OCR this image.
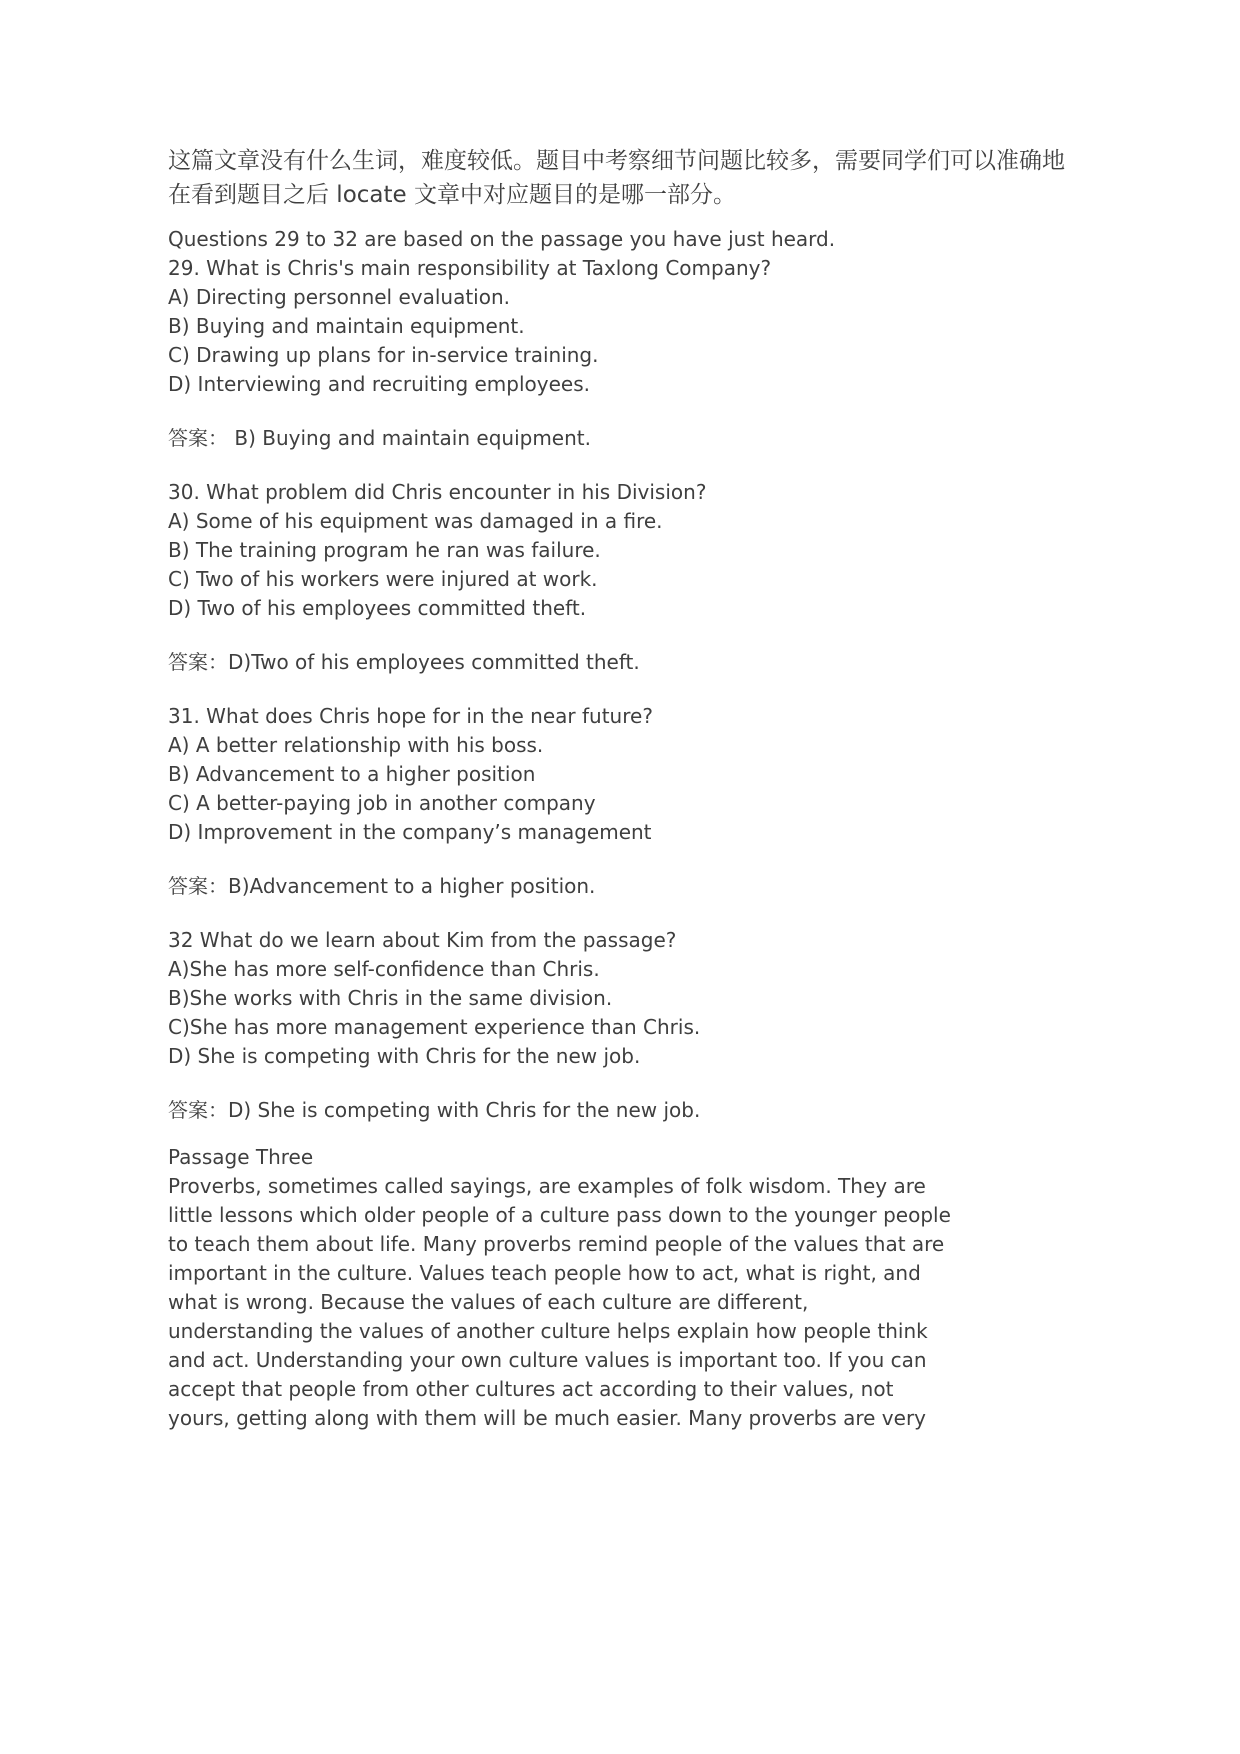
这篇文章没有什么生词，难度较低。题目中考察细节问题比较多，需要同学们可以准确地
在看到题目之后 locate 文章中对应题目的是哪一部分。
Questions 29 to 32 are based on the passage you have just heard.
29. What is Chris's main responsibility at Taxlong Company?
A) Directing personnel evaluation.
B) Buying and maintain equipment.
C) Drawing up plans for in-service training.
D) Interviewing and recruiting employees.
答案： B) Buying and maintain equipment.
30. What problem did Chris encounter in his Division?
A) Some of his equipment was damaged in a fire.
B) The training program he ran was failure.
C) Two of his workers were injured at work.
D) Two of his employees committed theft.
答案：D)Two of his employees committed theft.
31. What does Chris hope for in the near future?
A) A better relationship with his boss.
B) Advancement to a higher position
C) A better-paying job in another company
D) Improvement in the company’s management
答案：B)Advancement to a higher position.
32 What do we learn about Kim from the passage?
A)She has more self-confidence than Chris.
B)She works with Chris in the same division.
C)She has more management experience than Chris.
D) She is competing with Chris for the new job.
答案：D) She is competing with Chris for the new job.
Passage Three
Proverbs, sometimes called sayings, are examples of folk wisdom. They are
little lessons which older people of a culture pass down to the younger people
to teach them about life. Many proverbs remind people of the values that are
important in the culture. Values teach people how to act, what is right, and
what is wrong. Because the values of each culture are different,
understanding the values of another culture helps explain how people think
and act. Understanding your own culture values is important too. If you can
accept that people from other cultures act according to their values, not
yours, getting along with them will be much easier. Many proverbs are very
